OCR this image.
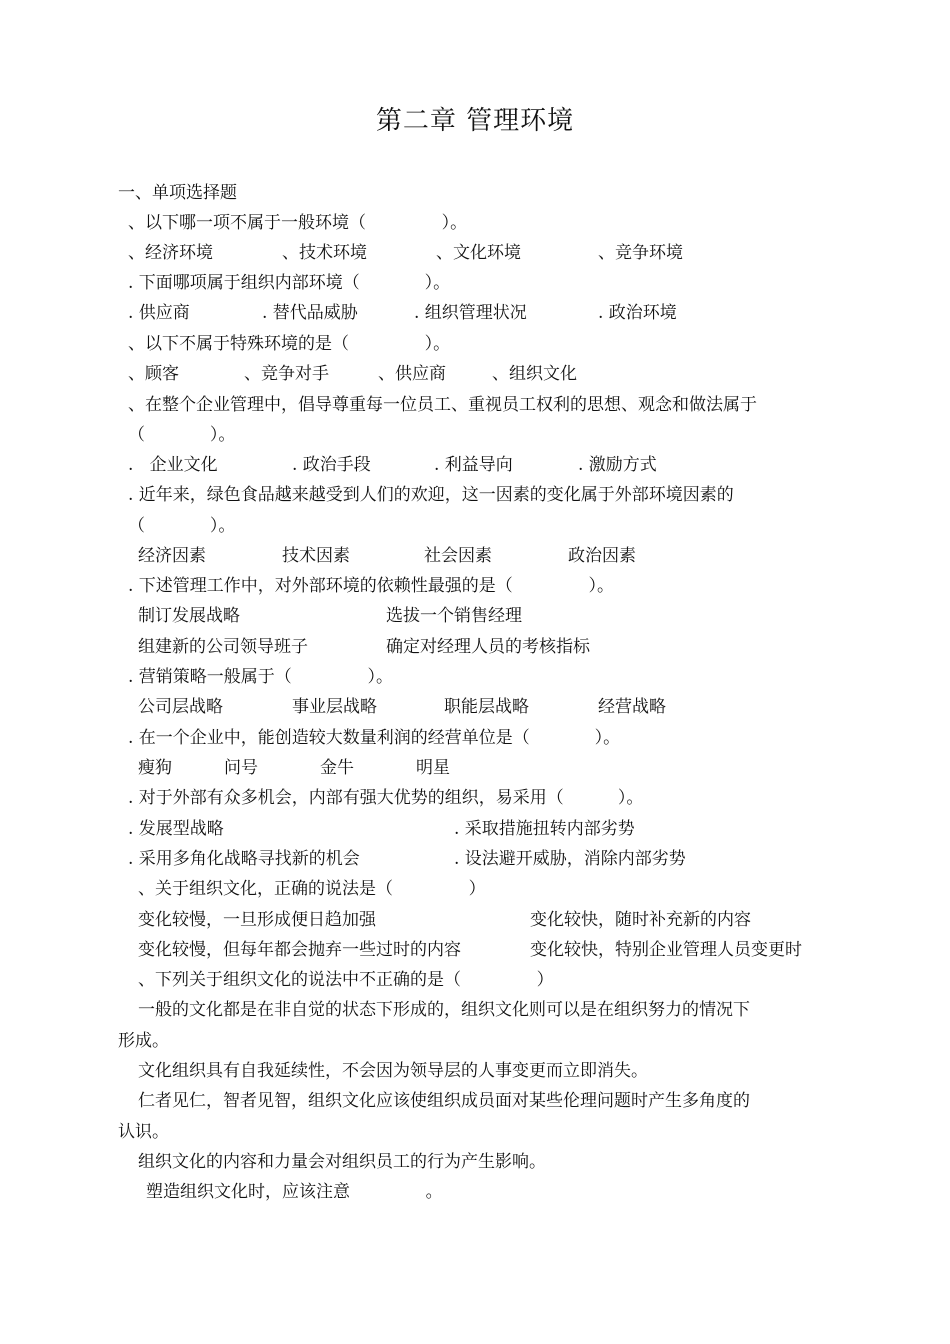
第二章 管理环境
一、单项选择题
、以下哪一项不属于一般环境（              ）。
、经济环境	、技术环境	、文化环境	、竞争环境
. 下面哪项属于组织内部环境（            ）。
. 供应商	. 替代品威胁	. 组织管理状况	. 政治环境
、以下不属于特殊环境的是（              ）。
、顾客	、竞争对手	、供应商	、组织文化
、在整个企业管理中，倡导尊重每一位员工、重视员工权利的思想、观念和做法属于
（            ）。
.   企业文化	. 政治手段	. 利益导向	. 激励方式
. 近年来，绿色食品越来越受到人们的欢迎，这一因素的变化属于外部环境因素的
（            ）。
经济因素	技术因素	社会因素	政治因素
. 下述管理工作中，对外部环境的依赖性最强的是（              ）。
制订发展战略	选拔一个销售经理
组建新的公司领导班子	确定对经理人员的考核指标
. 营销策略一般属于（              ）。
公司层战略	事业层战略	职能层战略	经营战略
. 在一个企业中，能创造较大数量利润的经营单位是（            ）。
瘦狗	问号	金牛	明星
. 对于外部有众多机会，内部有强大优势的组织，易采用（          ）。
. 发展型战略	. 采取措施扭转内部劣势
. 采用多角化战略寻找新的机会	. 设法避开威胁，消除内部劣势
、关于组织文化，正确的说法是（              ）
变化较慢，一旦形成便日趋加强	变化较快，随时补充新的内容
变化较慢，但每年都会抛弃一些过时的内容	变化较快，特别企业管理人员变更时
、下列关于组织文化的说法中不正确的是（              ）
一般的文化都是在非自觉的状态下形成的，组织文化则可以是在组织努力的情况下
形成。
文化组织具有自我延续性，不会因为领导层的人事变更而立即消失。
仁者见仁，智者见智，组织文化应该使组织成员面对某些伦理问题时产生多角度的
认识。
组织文化的内容和力量会对组织员工的行为产生影响。
塑造组织文化时，应该注意              。
